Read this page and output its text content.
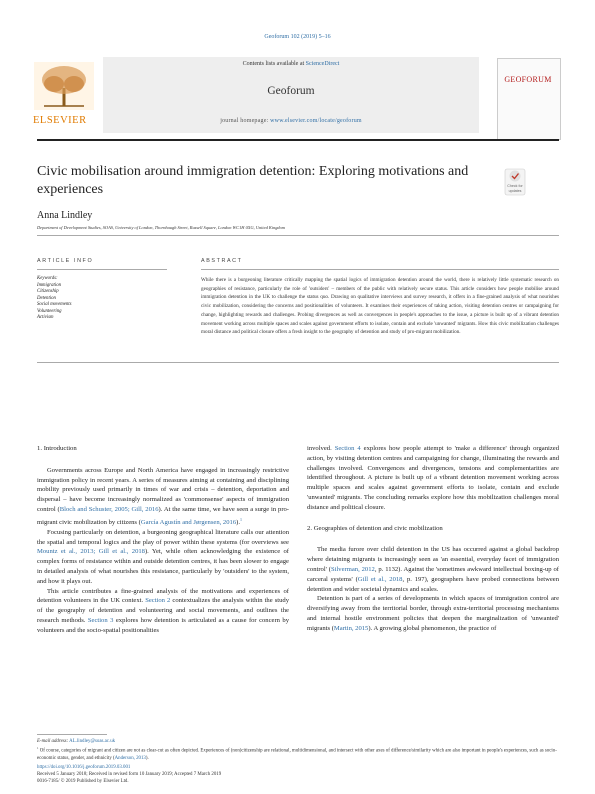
Geoforum 102 (2019) 5–16
Contents lists available at ScienceDirect
Geoforum
journal homepage: www.elsevier.com/locate/geoforum
ELSEVIER
GEOFORUM
Civic mobilisation around immigration detention: Exploring motivations and experiences	Check for
updates
Anna Lindley
Department of Development Studies, SOAS, University of London, Thornhaugh Street, Russell Square, London WC1H 0XG, United Kingdom
ARTICLE INFO	ABSTRACT
Keywords:
Immigration
Citizenship
Detention
Social movements
Volunteering
Activism
While there is a burgeoning literature critically mapping the spatial logics of immigration detention around the world, there is relatively little systematic research on geographies of resistance, particularly the role of 'outsiders' – members of the public with relatively secure status. This article considers how people mobilise around immigration detention in the UK to challenge the status quo. Drawing on qualitative interviews and survey research, it offers in a fine-grained analysis of what nourishes civic mobilization, considering the concerns and positionalities of volunteers. It examines their experiences of taking action, visiting detention centres or campaigning for change, highlighting rewards and challenges. Probing divergences as well as convergences in people's approaches to the issue, a picture is built up of a vibrant detention movement working across multiple spaces and scales against government efforts to isolate, contain and exclude 'unwanted' migrants. How this civic mobilization challenges moral distance and political closure offers a fresh insight to the geography of detention and study of pro-migrant mobilization.

1. Introduction

Governments across Europe and North America have engaged in increasingly restrictive immigration policy in recent years. A series of measures aiming at containing and disciplining mobility previously used primarily in times of war and crisis – detention, deportation and dispersal – have become increasingly normalized as 'commonsense' aspects of immigration control (Bloch and Schuster, 2005; Gill, 2016). At the same time, we have seen a surge in pro-migrant civic mobilization by citizens (García Agustín and Jørgensen, 2016).$^1$

Focusing particularly on detention, a burgeoning geographical literature calls our attention the spatial and temporal logics and the play of power within these systems (for overviews see Mountz et al., 2013; Gill et al., 2018). Yet, while often acknowledging the existence of complex forms of resistance within and outside detention centres, it has been slower to engage in detailed analysis of what nourishes this resistance, particularly by 'outsiders' to the system, and how it plays out.

This article contributes a fine-grained analysis of the motivations and experiences of detention volunteers in the UK context. Section 2 contextualizes the analysis within the study of the geography of detention and volunteering and social movements, and outlines the research methods. Section 3 explores how detention is articulated as a cause for concern by volunteers and the socio-spatial positionalities

involved. Section 4 explores how people attempt to 'make a difference' through organized action, by visiting detention centres and campaigning for change, illuminating the rewards and challenges involved. Convergences and divergences, tensions and complementarities are identified throughout. A picture is built up of a vibrant detention movement working across multiple spaces and scales against government efforts to isolate, contain and exclude 'unwanted' migrants. The concluding remarks explore how this mobilization challenges moral distance and political closure.

2. Geographies of detention and civic mobilization

The media furore over child detention in the US has occurred against a global backdrop where detaining migrants is increasingly seen as 'an essential, everyday facet of immigration control' (Silverman, 2012, p. 1132). Against the 'sometimes awkward intellectual boxing-up of carceral systems' (Gill et al., 2018, p. 197), geographers have probed connections between detention and wider societal dynamics and scales.

Detention is part of a series of developments in which spaces of immigration control are diversifying away from the territorial border, through extra-territorial processing mechanisms and internal hostile environment policies that deepen the marginalization of 'unwanted' migrants (Martin, 2015). A growing global phenomenon, the practice of

E-mail address: AL.lindley@soas.ac.uk
$^1$ Of course, categories of migrant and citizen are not as clear-cut as often depicted. Experiences of (non)citizenship are relational, multidimensional, and intersect with other axes of difference/similarity which are also important in people's experiences, such as socio-economic status, gender, and ethnicity (Anderson, 2013).
https://doi.org/10.1016/j.geoforum.2019.03.001
Received 5 January 2018; Received in revised form 10 January 2019; Accepted 7 March 2019
0016-7185/ © 2019 Published by Elsevier Ltd.
